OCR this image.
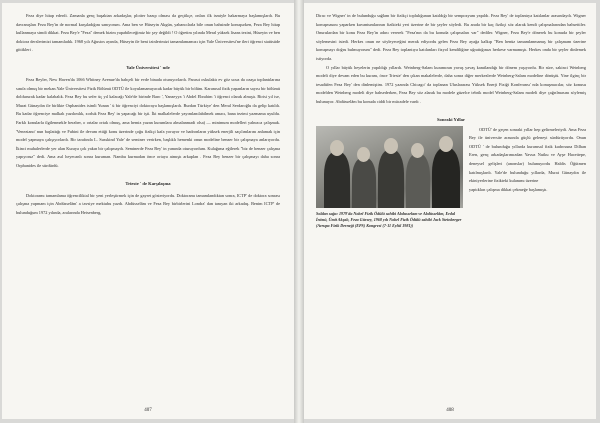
Feza diye hitap ederdi. Zamanla genç başaktan arkadaşlar, plotter bazıp olması da geçtikçe, onları ilk ismiyle hakarmaya başlamışlardı. Bu davranışları Feza Bey'in de normal karşıladığını sanıyorum. Ama ben ve Hüseyin Akgün, yabancılarla bile onun bahsinde konuşurken, Feza Bey hitap kullanmaya simdi dikkat. Feza Bey'e "Feza" demek bizim yapabileceğimiz bir şey değildi ! O öğretim yılında Meral yüksek lisans tezini, Hüseyin ve ben doktora derslerimizi tamamladık. 1968 yılı Ağustos ayında, Hüseyin ile beni izinlerimizi tamamlamamızı için Yale Üniversitesi'ne ileri öğrenci statüsüde gittikleri .

Yale Üniversitesi ' nde

Feza Beyler, New Haven'da 1066 Whitney Avenue'da bahçeli bir evde binada oturuyorlardı. Parasıt oskulaktı ev göz ucuz da ozaşa toplantılarına sınıfa olmuş bir mekan.Yale Üniversitesi Fizik Bölümü ODTÜ ile koyulamamıyacak kadar büyük bir bölüm. Karanısal fizik yapanların sayısı bir bölümü doldururak kadar kalabalık. Feza Bey bu sefer üç yıl kalacağı Yale'de birinde Baro ', Yanzeyya 'i Abdel Ebrahim 'i öğrenci olarak almıştı. Birisi yıl ise, Murat Günaydın ile birlikte Orphanides isimli Yunan ' ü bir öğrenciyi doktoraya başlamışlardı. Burdan Türkiye' den Meral Serdaroğlu da gelip katıldı. Bu kadar öğrenciye malkalı yazılımlık, zorluk Feza Bey' in yapacağı bir işti. İki malkalelerde yayımlanılabilmek amacı, bana tezimi yazmama uyuldu. Farklı konularla ilgilenmekle beraber, o ortalar ortak olmuş, ama hemiz yazan kurumlara almalanmadi olsa) — minimum modelleri yalnızca çalışmak. 'Veneziano' nun başlattığı ve Fubini ile devam ettiği konu üzerinde çoğu fizikçi kafa yoruyor ve hadronların yüksek enerjili saçılımlarını anlamak için model yapmaya çalışıyorlardı. Bir tarafında L. Susskind Yale' de seminer verirken, başlıklı hemenki onun modeline benzer bir çalışmaya anlarıyordu. İkinci muhalerlerde yer alan Kuraya çok yakın bir çalışmaydı. Seminerde Feza Bey' in yanında oturuyordum. Kulağıma eğilerek "biz de benzer çalışma yapıyoruz" dedi. Ama asıl heyecanlı sonra kuruman. Nambu kurmadan önce ortaya atmıştı arkaplan . Feza Bey benzer bir çalışmayı daha sonra Orphanides ile sürdürdü.

Trieste ' de Karşılaşma

Doktoramı tamamlama öğrenciliktal bir yeni yerleştirmek için de gayret gösteriyordu. Doktoramı tamamlandıktan sonra, ICTP' de doktora sonrası çalışma yapmam için Abdüsselâm' a tavsiye mektubu yazdı. Abdüsselâm ve Feza Bey birbirlerini Londra' dan tanıyan iki arkadaş. Benim ICTP' de bulunduğum 1972 yılında, aralarında Heisenberg,

407

Dirac ve Wigner' in de bulunduğu sağlam bir fizikçi toplulığunun katıldığı bir sempozyum yapıldı. Feza Bey' de toplantıya katılanlar arasındaydı. Wigner konuşmasını yaparken kuvantumlarının fizikteki yeri üzerine de bir şeyler söyledi. Bu arada bir kaç fizikçi söz alarak kendi çalışmalarından bahsettiler. Onurulardan bir konu Feza Bey'in adını vererek "Feza'nın da bu konuda çalışmaları var" dediler. Wigner, Feza Bey'e dönerek bu konuda bir şeyler söylemesini istedi. Herkes onun ne söyleyeceğini merak ediyordu gelen Feza Bey ayağa kalkıp "Ben henüz tamamlanmamış bir çalışmam üzerine konuşmayı doğru bulmuyorum" dedi. Feza Bey toplantıya katılanları fizyol kendiliğine uğrattığınızı herkese varmamıştı. Herkes onda bir şeyler dinlemek istiyorda.

O yıllar büyük heyelerin yapıldığı yıllardı. Weinberg-Salam kuramının yavaş yavaş kanıtlandığı bir dönem yaşıyordu. Bir süre, sakinci Weinberg modeli diye devam eden bu kuram, önce Trieste' den çıkan makalelerde, daha sonra diğer merkezlerde Weinberg-Salam modeline dönüştü. Yine ilginç bir tesadüfen Feza Bey' den dinlemiştim. 1972 yazında Chicago' da toplanan Uluslararası Yüksek Enerji Fiziği Konferansı' nda konuşmacılar, söz konusu modelden Weinberg modeli diye bahsederken, Feza Bey söz alarak bu modele güzelce tebrik model Weinberg-Salam modeli diye çağrılmasını söylemiş bulunuyor. Abdüsselâm bu konuda ciddi bir mücadele vardı .

Sonraki Yıllar
Soldan sağa: 1979'da Nobel Fizik Ödülü sahibi Abdusselam ve Abdüsselâm, Erdal İnönü, Ümit Akşalı, Feza Gürsey, 1968 yılı Nobel Fizik Ödülü sahibi Jack Steinberger (Avrupa Fizik Derneği (EPS) Kongresi (7-11 Eylül 1981))

ODTÜ' de geçen sonraki yıllar hep gelirmeleriydi. Ama Feza Bey ile üniversite arasında güçlü geleneyi sürdürüyordu. Onun ODTÜ ' de bulunduğu yıllarda kuramsal fizik kadrosuna Dilhan Eren, genç arkadaşlarımızdan Yavuz Nutku ve Ayşe Hacettepe, deneysel gelişleri (anonslar) bulunuyordu Haldis Öğütmen katılmışlardı. Yale'de bulunduğu yıllarda, Murat Günaydın ile ekiniyerlerine fizikteki kulanımı üzerine

yaptıkları çalışma dikkat çekmeğe başlamıştı.

408
